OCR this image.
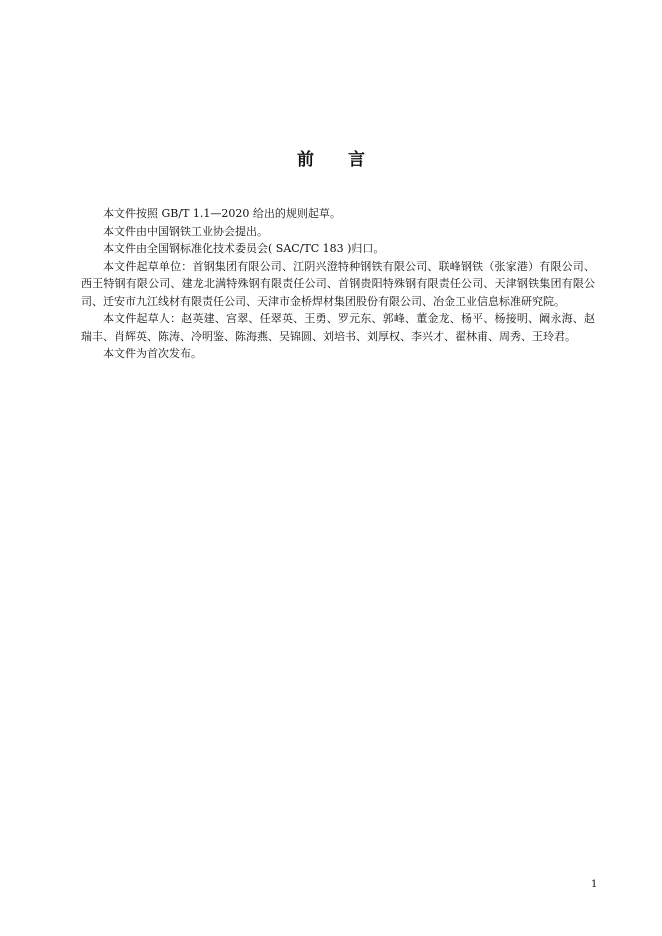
前 言

本文件按照 GB/T 1.1—2020 给出的规则起草。

本文件由中国钢铁工业协会提出。

本文件由全国钢标准化技术委员会( SAC/TC 183 )归口。

本文件起草单位：首钢集团有限公司、江阴兴澄特种钢铁有限公司、联峰钢铁（张家港）有限公司、西王特钢有限公司、建龙北满特殊钢有限责任公司、首钢贵阳特殊钢有限责任公司、天津钢铁集团有限公司、迁安市九江线材有限责任公司、天津市金桥焊材集团股份有限公司、冶金工业信息标准研究院。

本文件起草人：赵英建、宫翠、任翠英、王勇、罗元东、郭峰、董金龙、杨平、杨接明、阚永海、赵瑞丰、肖辉英、陈涛、冷明鉴、陈海燕、吴锦圆、刘培书、刘厚权、李兴才、翟林甫、周秀、王玲君。

本文件为首次发布。

1
